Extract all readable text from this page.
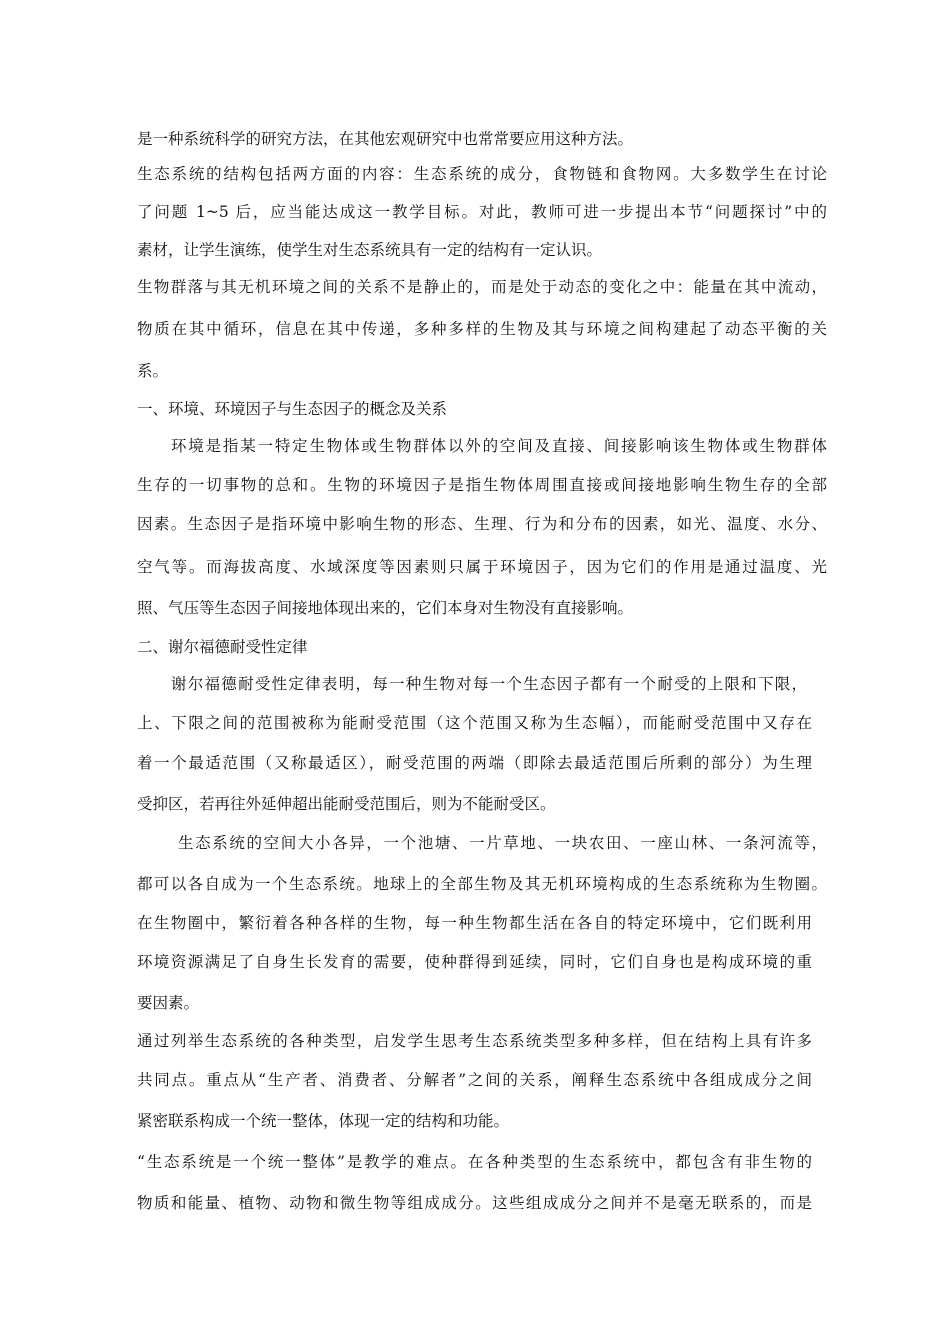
是一种系统科学的研究方法，在其他宏观研究中也常常要应用这种方法。
生态系统的结构包括两方面的内容：生态系统的成分，食物链和食物网。大多数学生在讨论
了问题 1~5 后，应当能达成这一教学目标。对此，教师可进一步提出本节“问题探讨”中的
素材，让学生演练，使学生对生态系统具有一定的结构有一定认识。
生物群落与其无机环境之间的关系不是静止的，而是处于动态的变化之中：能量在其中流动，
物质在其中循环，信息在其中传递，多种多样的生物及其与环境之间构建起了动态平衡的关
系。
一、环境、环境因子与生态因子的概念及关系
环境是指某一特定生物体或生物群体以外的空间及直接、间接影响该生物体或生物群体
生存的一切事物的总和。生物的环境因子是指生物体周围直接或间接地影响生物生存的全部
因素。生态因子是指环境中影响生物的形态、生理、行为和分布的因素，如光、温度、水分、
空气等。而海拔高度、水域深度等因素则只属于环境因子，因为它们的作用是通过温度、光
照、气压等生态因子间接地体现出来的，它们本身对生物没有直接影响。
二、谢尔福德耐受性定律
谢尔福德耐受性定律表明，每一种生物对每一个生态因子都有一个耐受的上限和下限，
上、下限之间的范围被称为能耐受范围（这个范围又称为生态幅），而能耐受范围中又存在
着一个最适范围（又称最适区），耐受范围的两端（即除去最适范围后所剩的部分）为生理
受抑区，若再往外延伸超出能耐受范围后，则为不能耐受区。
生态系统的空间大小各异，一个池塘、一片草地、一块农田、一座山林、一条河流等，
都可以各自成为一个生态系统。地球上的全部生物及其无机环境构成的生态系统称为生物圈。
在生物圈中，繁衍着各种各样的生物，每一种生物都生活在各自的特定环境中，它们既利用
环境资源满足了自身生长发育的需要，使种群得到延续，同时，它们自身也是构成环境的重
要因素。
通过列举生态系统的各种类型，启发学生思考生态系统类型多种多样，但在结构上具有许多
共同点。重点从“生产者、消费者、分解者”之间的关系，阐释生态系统中各组成成分之间
紧密联系构成一个统一整体，体现一定的结构和功能。
“生态系统是一个统一整体”是教学的难点。在各种类型的生态系统中，都包含有非生物的
物质和能量、植物、动物和微生物等组成成分。这些组成成分之间并不是毫无联系的，而是
